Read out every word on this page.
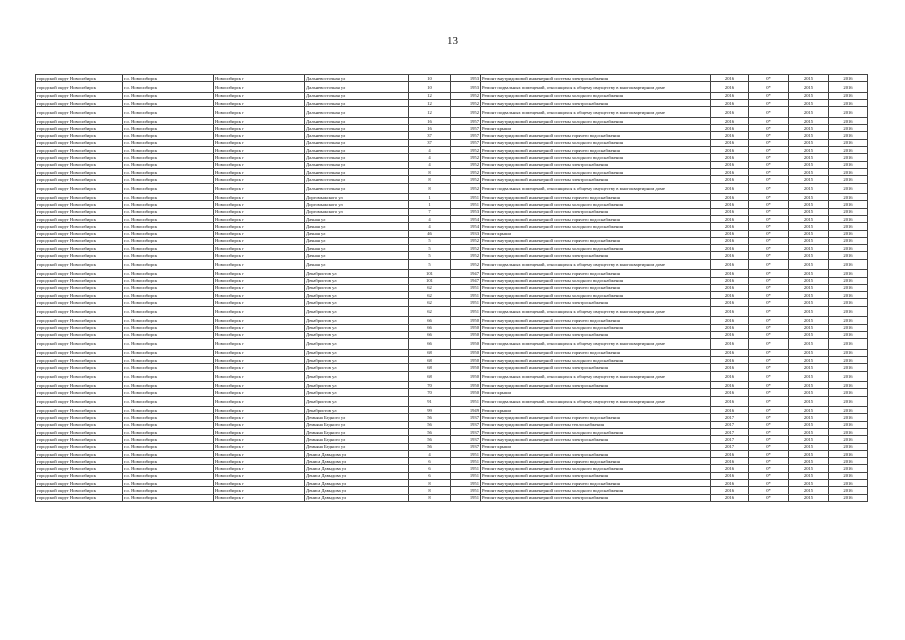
13
городской округ Новосибирск	г.о. Новосибирск	Новосибирск г	Дальневосточная ул	10	1953	Ремонт внутридомовой инженерной системы электроснабжения	2016	0*	2015	2016
городской округ Новосибирск	г.о. Новосибирск	Новосибирск г	Дальневосточная ул	10	1953	Ремонт подвальных помещений, относящихся к общему имуществу в многоквартирном доме	2016	0*	2015	2016
городской округ Новосибирск	г.о. Новосибирск	Новосибирск г	Дальневосточная ул	12	1952	Ремонт внутридомовой инженерной системы холодного водоснабжения	2016	0*	2015	2016
городской округ Новосибирск	г.о. Новосибирск	Новосибирск г	Дальневосточная ул	12	1952	Ремонт внутридомовой инженерной системы электроснабжения	2016	0*	2015	2016
городской округ Новосибирск	г.о. Новосибирск	Новосибирск г	Дальневосточная ул	12	1952	Ремонт подвальных помещений, относящихся к общему имуществу в многоквартирном доме	2016	0*	2015	2016
городской округ Новосибирск	г.о. Новосибирск	Новосибирск г	Дальневосточная ул	16	1957	Ремонт внутридомовой инженерной системы холодного водоснабжения	2016	0*	2015	2016
городской округ Новосибирск	г.о. Новосибирск	Новосибирск г	Дальневосточная ул	16	1957	Ремонт крыши	2016	0*	2015	2016
городской округ Новосибирск	г.о. Новосибирск	Новосибирск г	Дальневосточная ул	37	1957	Ремонт внутридомовой инженерной системы горячего водоснабжения	2016	0*	2015	2016
городской округ Новосибирск	г.о. Новосибирск	Новосибирск г	Дальневосточная ул	37	1957	Ремонт внутридомовой инженерной системы холодного водоснабжения	2016	0*	2015	2016
городской округ Новосибирск	г.о. Новосибирск	Новосибирск г	Дальневосточная ул	4	1952	Ремонт внутридомовой инженерной системы горячего водоснабжения	2016	0*	2015	2016
городской округ Новосибирск	г.о. Новосибирск	Новосибирск г	Дальневосточная ул	4	1952	Ремонт внутридомовой инженерной системы холодного водоснабжения	2016	0*	2015	2016
городской округ Новосибирск	г.о. Новосибирск	Новосибирск г	Дальневосточная ул	4	1952	Ремонт внутридомовой инженерной системы электроснабжения	2016	0*	2015	2016
городской округ Новосибирск	г.о. Новосибирск	Новосибирск г	Дальневосточная ул	8	1952	Ремонт внутридомовой инженерной системы холодного водоснабжения	2016	0*	2015	2016
городской округ Новосибирск	г.о. Новосибирск	Новосибирск г	Дальневосточная ул	8	1952	Ремонт внутридомовой инженерной системы электроснабжения	2016	0*	2015	2016
городской округ Новосибирск	г.о. Новосибирск	Новосибирск г	Дальневосточная ул	8	1952	Ремонт подвальных помещений, относящихся к общему имуществу в многоквартирном доме	2016	0*	2015	2016
городской округ Новосибирск	г.о. Новосибирск	Новосибирск г	Доргомыжского ул	1	1951	Ремонт внутридомовой инженерной системы горячего водоснабжения	2016	0*	2015	2016
городской округ Новосибирск	г.о. Новосибирск	Новосибирск г	Доргомыжского ул	1	1951	Ремонт внутридомовой инженерной системы холодного водоснабжения	2016	0*	2015	2016
городской округ Новосибирск	г.о. Новосибирск	Новосибирск г	Доргомыжского ул	7	1953	Ремонт внутридомовой инженерной системы электроснабжения	2016	0*	2015	2016
городской округ Новосибирск	г.о. Новосибирск	Новосибирск г	Дачная ул	4	1954	Ремонт внутридомовой инженерной системы горячего водоснабжения	2016	0*	2015	2016
городской округ Новосибирск	г.о. Новосибирск	Новосибирск г	Дачная ул	4	1954	Ремонт внутридомовой инженерной системы холодного водоснабжения	2016	0*	2015	2016
городской округ Новосибирск	г.о. Новосибирск	Новосибирск г	Дачная ул	46	1933	Ремонт крыши	2016	0*	2015	2016
городской округ Новосибирск	г.о. Новосибирск	Новосибирск г	Дачная ул	5	1952	Ремонт внутридомовой инженерной системы горячего водоснабжения	2016	0*	2015	2016
городской округ Новосибирск	г.о. Новосибирск	Новосибирск г	Дачная ул	5	1952	Ремонт внутридомовой инженерной системы холодного водоснабжения	2016	0*	2015	2016
городской округ Новосибирск	г.о. Новосибирск	Новосибирск г	Дачная ул	5	1952	Ремонт внутридомовой инженерной системы электроснабжения	2016	0*	2015	2016
городской округ Новосибирск	г.о. Новосибирск	Новосибирск г	Дачная ул	5	1952	Ремонт подвальных помещений, относящихся к общему имуществу в многоквартирном доме	2016	0*	2015	2016
городской округ Новосибирск	г.о. Новосибирск	Новосибирск г	Декабристов ул	101	1947	Ремонт внутридомовой инженерной системы горячего водоснабжения	2016	0*	2015	2016
городской округ Новосибирск	г.о. Новосибирск	Новосибирск г	Декабристов ул	101	1947	Ремонт внутридомовой инженерной системы холодного водоснабжения	2016	0*	2015	2016
городской округ Новосибирск	г.о. Новосибирск	Новосибирск г	Декабристов ул	62	1951	Ремонт внутридомовой инженерной системы горячего водоснабжения	2016	0*	2015	2016
городской округ Новосибирск	г.о. Новосибирск	Новосибирск г	Декабристов ул	62	1951	Ремонт внутридомовой инженерной системы холодного водоснабжения	2016	0*	2015	2016
городской округ Новосибирск	г.о. Новосибирск	Новосибирск г	Декабристов ул	62	1951	Ремонт внутридомовой инженерной системы электроснабжения	2016	0*	2015	2016
городской округ Новосибирск	г.о. Новосибирск	Новосибирск г	Декабристов ул	62	1951	Ремонт подвальных помещений, относящихся к общему имуществу в многоквартирном доме	2016	0*	2015	2016
городской округ Новосибирск	г.о. Новосибирск	Новосибирск г	Декабристов ул	66	1950	Ремонт внутридомовой инженерной системы горячего водоснабжения	2016	0*	2015	2016
городской округ Новосибирск	г.о. Новосибирск	Новосибирск г	Декабристов ул	66	1950	Ремонт внутридомовой инженерной системы холодного водоснабжения	2016	0*	2015	2016
городской округ Новосибирск	г.о. Новосибирск	Новосибирск г	Декабристов ул	66	1950	Ремонт внутридомовой инженерной системы электроснабжения	2016	0*	2015	2016
городской округ Новосибирск	г.о. Новосибирск	Новосибирск г	Декабристов ул	66	1950	Ремонт подвальных помещений, относящихся к общему имуществу в многоквартирном доме	2016	0*	2015	2016
городской округ Новосибирск	г.о. Новосибирск	Новосибирск г	Декабристов ул	68	1950	Ремонт внутридомовой инженерной системы горячего водоснабжения	2016	0*	2015	2016
городской округ Новосибирск	г.о. Новосибирск	Новосибирск г	Декабристов ул	68	1950	Ремонт внутридомовой инженерной системы холодного водоснабжения	2016	0*	2015	2016
городской округ Новосибирск	г.о. Новосибирск	Новосибирск г	Декабристов ул	68	1950	Ремонт внутридомовой инженерной системы электроснабжения	2016	0*	2015	2016
городской округ Новосибирск	г.о. Новосибирск	Новосибирск г	Декабристов ул	68	1950	Ремонт подвальных помещений, относящихся к общему имуществу в многоквартирном доме	2016	0*	2015	2016
городской округ Новосибирск	г.о. Новосибирск	Новосибирск г	Декабристов ул	70	1950	Ремонт внутридомовой инженерной системы электроснабжения	2016	0*	2015	2016
городской округ Новосибирск	г.о. Новосибирск	Новосибирск г	Декабристов ул	70	1950	Ремонт крыши	2016	0*	2015	2016
городской округ Новосибирск	г.о. Новосибирск	Новосибирск г	Декабристов ул	91	1951	Ремонт подвальных помещений, относящихся к общему имуществу в многоквартирном доме	2016	0*	2015	2016
городской округ Новосибирск	г.о. Новосибирск	Новосибирск г	Декабристов ул	99	1949	Ремонт крыши	2016	0*	2015	2016
городской округ Новосибирск	г.о. Новосибирск	Новосибирск г	Демьяна Бедного ул	56	1937	Ремонт внутридомовой инженерной системы горячего водоснабжения	2017	0*	2015	2016
городской округ Новосибирск	г.о. Новосибирск	Новосибирск г	Демьяна Бедного ул	56	1937	Ремонт внутридомовой инженерной системы теплоснабжения	2017	0*	2015	2016
городской округ Новосибирск	г.о. Новосибирск	Новосибирск г	Демьяна Бедного ул	56	1937	Ремонт внутридомовой инженерной системы холодного водоснабжения	2017	0*	2015	2016
городской округ Новосибирск	г.о. Новосибирск	Новосибирск г	Демьяна Бедного ул	56	1937	Ремонт внутридомовой инженерной системы электроснабжения	2017	0*	2015	2016
городской округ Новосибирск	г.о. Новосибирск	Новосибирск г	Демьяна Бедного ул	56	1937	Ремонт крыши	2017	0*	2015	2016
городской округ Новосибирск	г.о. Новосибирск	Новосибирск г	Дениса Давыдова ул	4	1951	Ремонт внутридомовой инженерной системы электроснабжения	2016	0*	2015	2016
городской округ Новосибирск	г.о. Новосибирск	Новосибирск г	Дениса Давыдова ул	6	1951	Ремонт внутридомовой инженерной системы горячего водоснабжения	2016	0*	2015	2016
городской округ Новосибирск	г.о. Новосибирск	Новосибирск г	Дениса Давыдова ул	6	1951	Ремонт внутридомовой инженерной системы холодного водоснабжения	2016	0*	2015	2016
городской округ Новосибирск	г.о. Новосибирск	Новосибирск г	Дениса Давыдова ул	6	1951	Ремонт внутридомовой инженерной системы электроснабжения	2016	0*	2015	2016
городской округ Новосибирск	г.о. Новосибирск	Новосибирск г	Дениса Давыдова ул	8	1951	Ремонт внутридомовой инженерной системы горячего водоснабжения	2016	0*	2015	2016
городской округ Новосибирск	г.о. Новосибирск	Новосибирск г	Дениса Давыдова ул	8	1951	Ремонт внутридомовой инженерной системы холодного водоснабжения	2016	0*	2015	2016
городской округ Новосибирск	г.о. Новосибирск	Новосибирск г	Дениса Давыдова ул	8	1951	Ремонт внутридомовой инженерной системы электроснабжения	2016	0*	2015	2016
